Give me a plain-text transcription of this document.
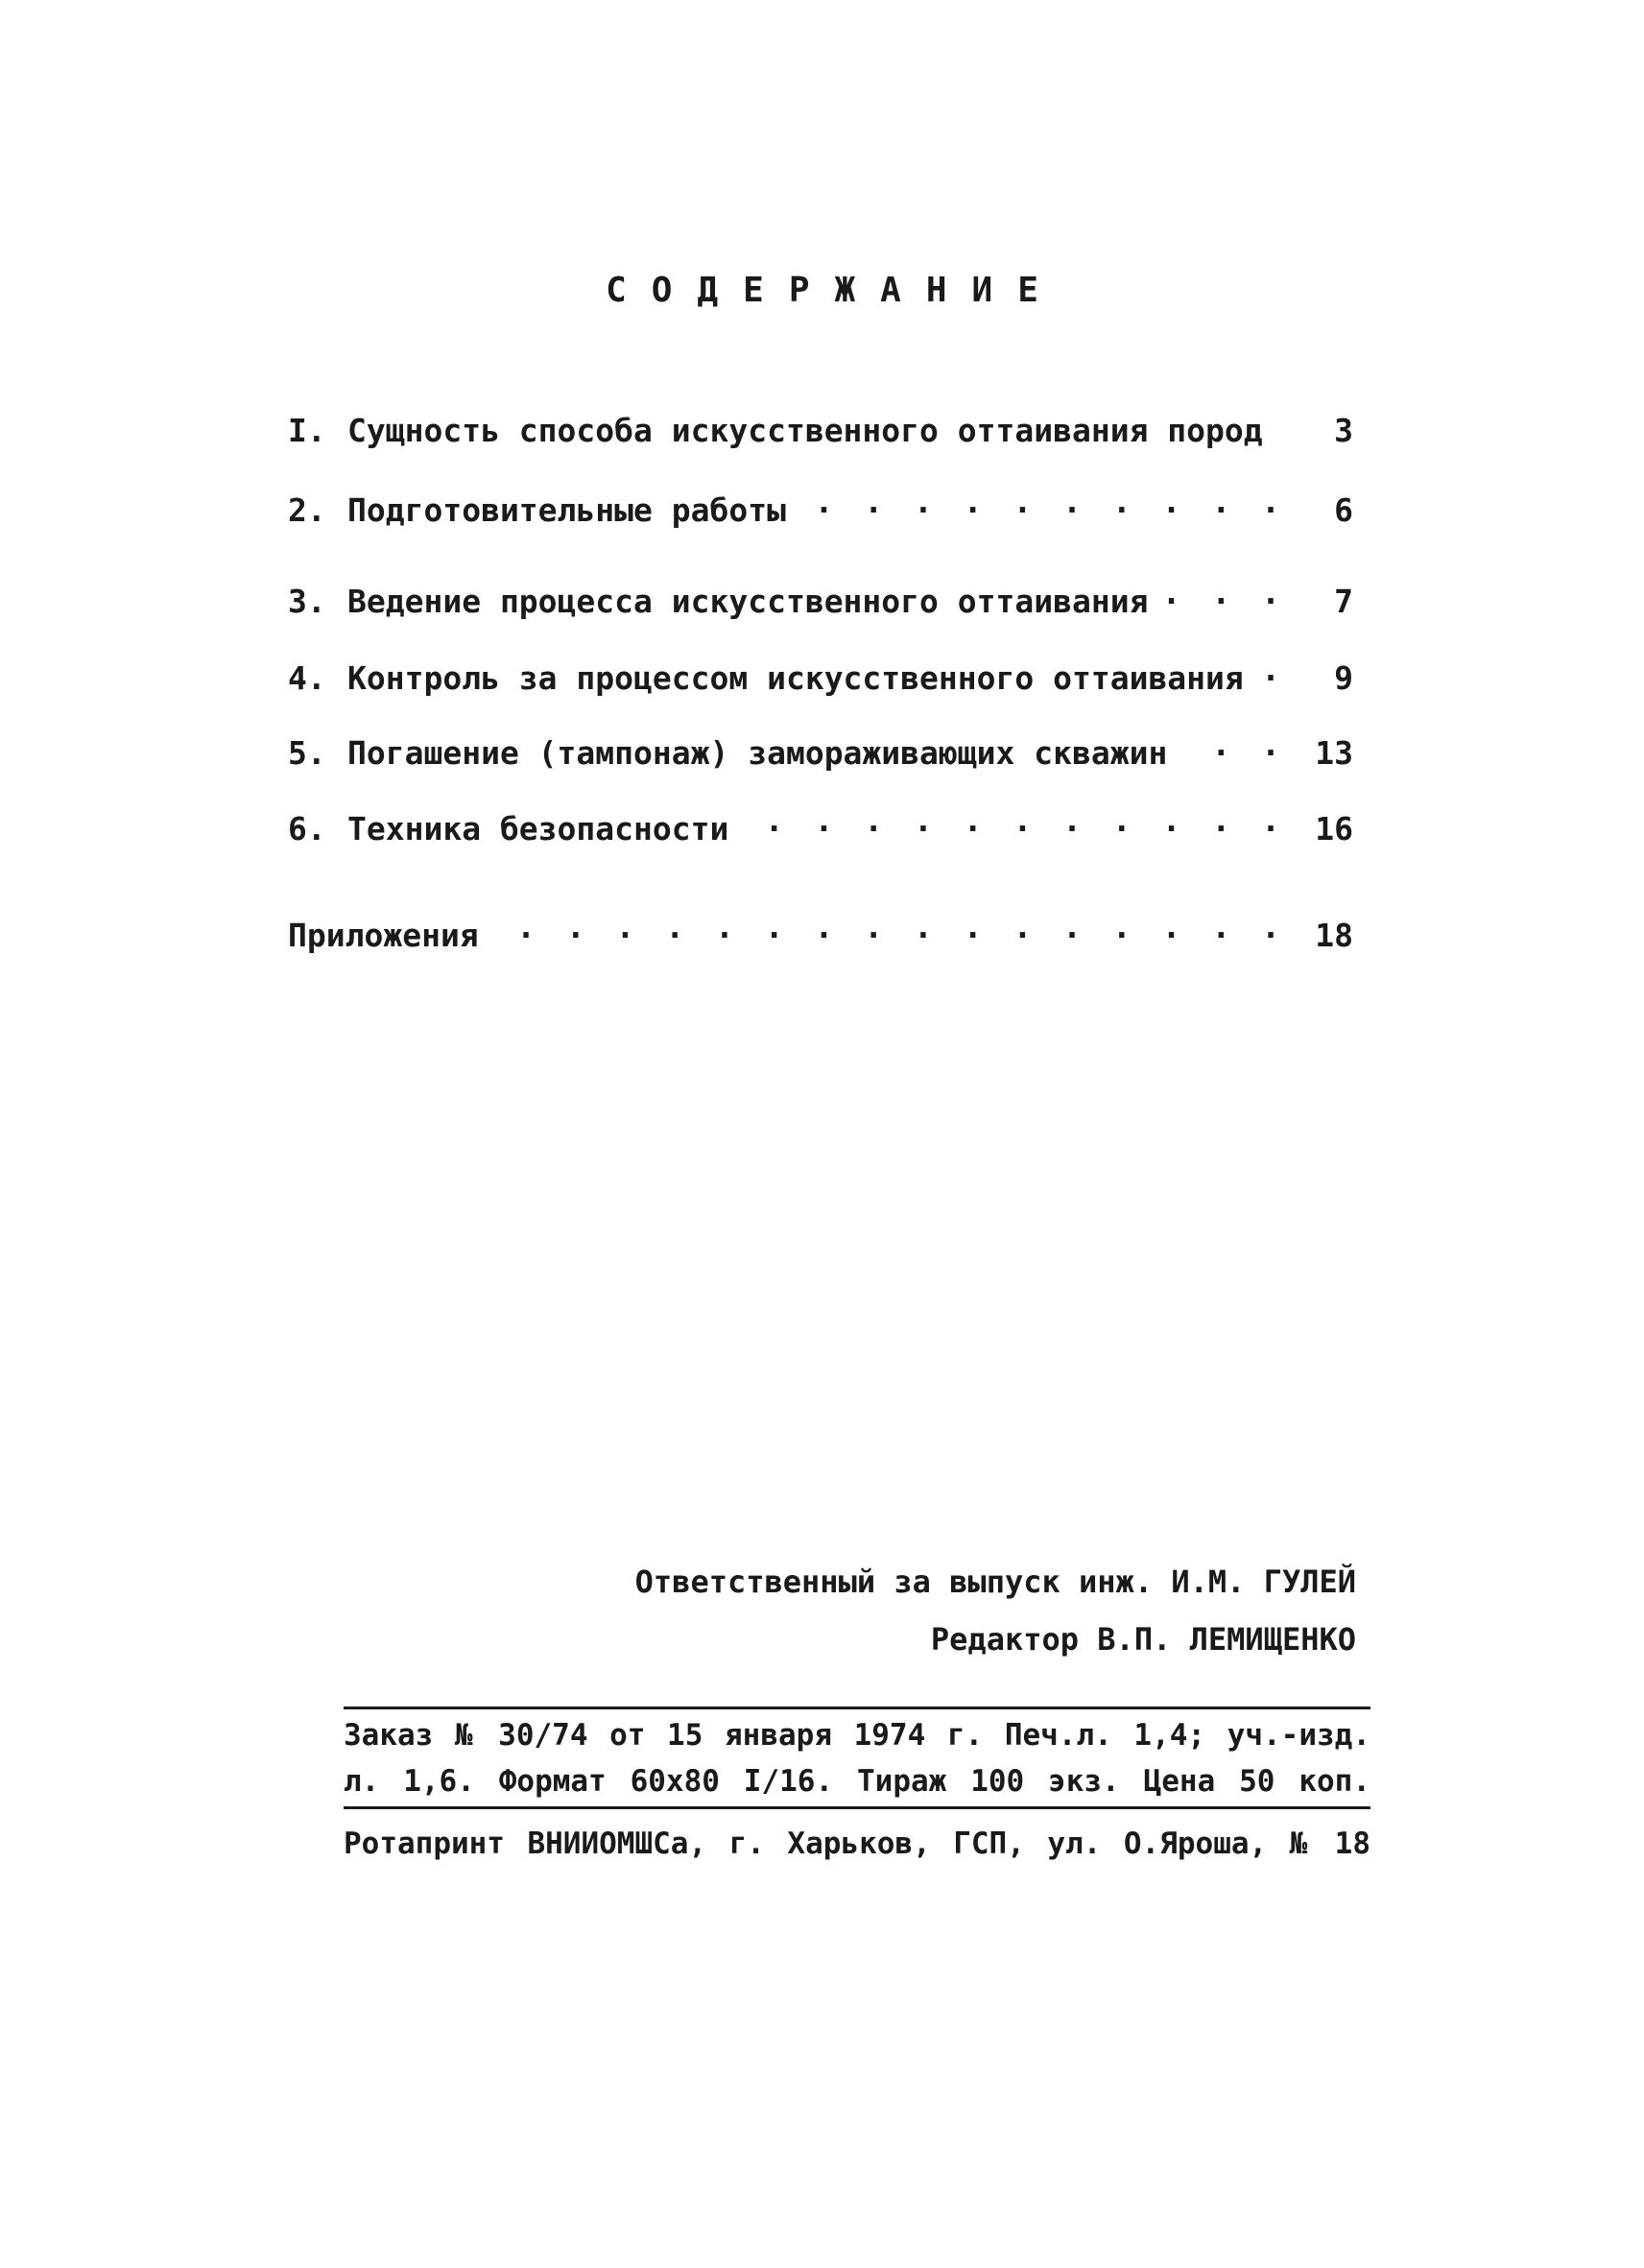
СОДЕРЖАНИЕ
I. Сущность способа искусственного оттаивания пород . . .	3
2. Подготовительные работы . . .	6
3. Ведение процесса искусственного оттаивания . . .	7
4. Контроль за процессом искусственного оттаивания . . .	9
5. Погашение (тампонаж) замораживающих скважин . . .	13
6. Техника безопасности . . .	16
Приложения . . .	18
Ответственный за выпуск инж. И.М. ГУЛЕЙ
Редактор В.П. ЛЕМИЩЕНКО
Заказ № 30/74 от 15 января 1974 г. Печ.л. 1,4; уч.-изд.
л. 1,6. Формат 60х80 I/16. Тираж 100 экз. Цена 50 коп.
Ротапринт ВНИИОМШСа, г. Харьков, ГСП, ул. О.Яроша, № 18
